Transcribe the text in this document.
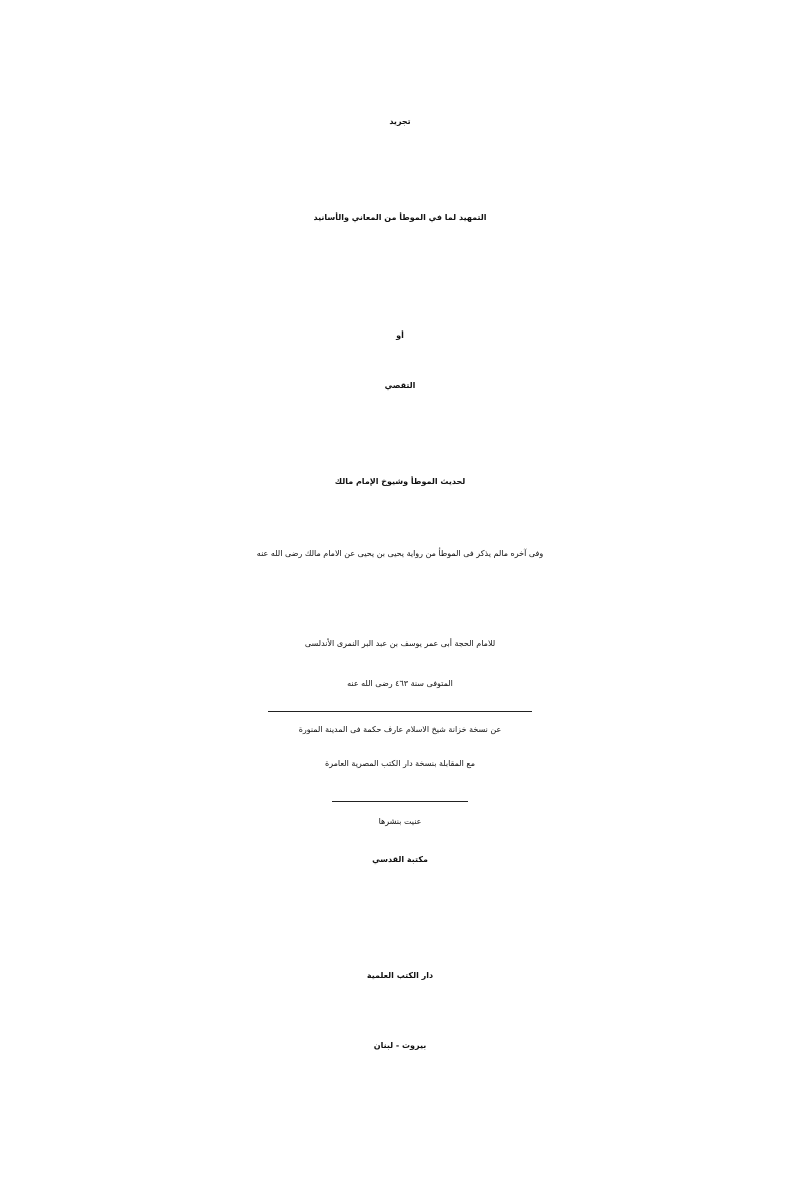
تجريد
التمهيد لما في الموطأ من المعاني والأسانيد
أو
التقصي
لحديث الموطأ وشيوخ الإمام مالك
وفى آخره مالم يذكر فى الموطأ من رواية يحيى بن يحيى عن الامام مالك رضى الله عنه
للامام الحجة أبى عمر يوسف بن عبد البر النمرى الأندلسى
المتوفى سنة ٤٦٣ رضى الله عنه
عن نسخة خزانة شيخ الاسلام عارف حكمة فى المدينة المنورة
مع المقابلة بنسخة دار الكتب المصرية العامرة
عنيت بنشرها
مكتبة القدسي
دار الكتب العلمية
بيروت - لبنان
